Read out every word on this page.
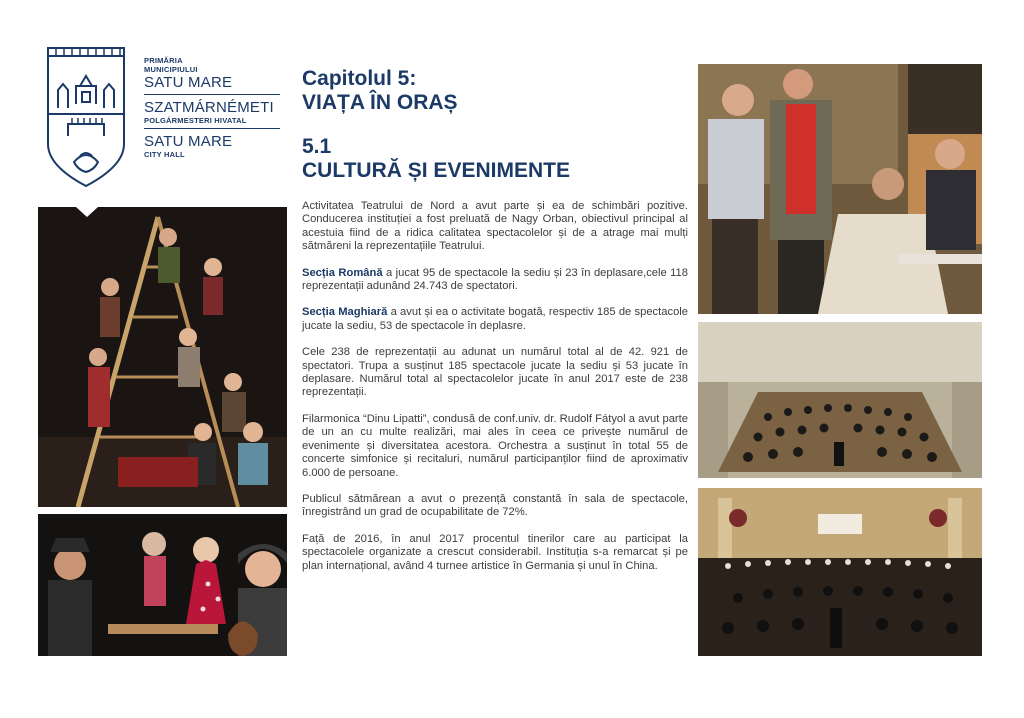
PRIMĂRIA
MUNICIPIULUI
SATU MARE
SZATMÁRNÉMETI
POLGÁRMESTERI HIVATAL
SATU MARE
CITY HALL
Capitolul 5:
VIAȚA ÎN ORAȘ
5.1
CULTURĂ ȘI EVENIMENTE

Activitatea Teatrului de Nord a avut parte și ea de schimbări pozitive. Conducerea instituției a fost preluată de Nagy Orban, obiectivul principal al acestuia fiind de a ridica calitatea spectacolelor și de a atrage mai mulți sătmăreni la reprezentațiile Teatrului.

Secția Română a jucat 95 de spectacole la sediu și 23 în deplasare,cele 118 reprezentații adunând 24.743 de spectatori.

Secția Maghiară a avut și ea o activitate bogată, respectiv 185 de spectacole jucate la sediu, 53 de spectacole în deplasre.

Cele 238 de reprezentații au adunat un numărul total al de 42. 921 de spectatori. Trupa a susținut 185 spectacole jucate la sediu și 53 jucate în deplasare. Numărul total al spectacolelor jucate în anul 2017 este de 238 reprezentații.

Filarmonica “Dinu Lipatti”, condusă de conf.univ. dr. Rudolf Fátyol a avut parte de un an cu multe realizări, mai ales în ceea ce privește numărul de evenimente și diversitatea acestora. Orchestra a susținut în total 55 de concerte simfonice și recitaluri, numărul participanților fiind de aproximativ 6.000 de persoane.

Publicul sătmărean a avut o prezență constantă în sala de spectacole, înregistrând un grad de ocupabilitate de 72%.

Față de 2016, în anul 2017 procentul tinerilor care au participat la spectacolele organizate a crescut considerabil. Instituția s-a remarcat și pe plan internațional, având 4 turnee artistice în Germania și unul în China.
